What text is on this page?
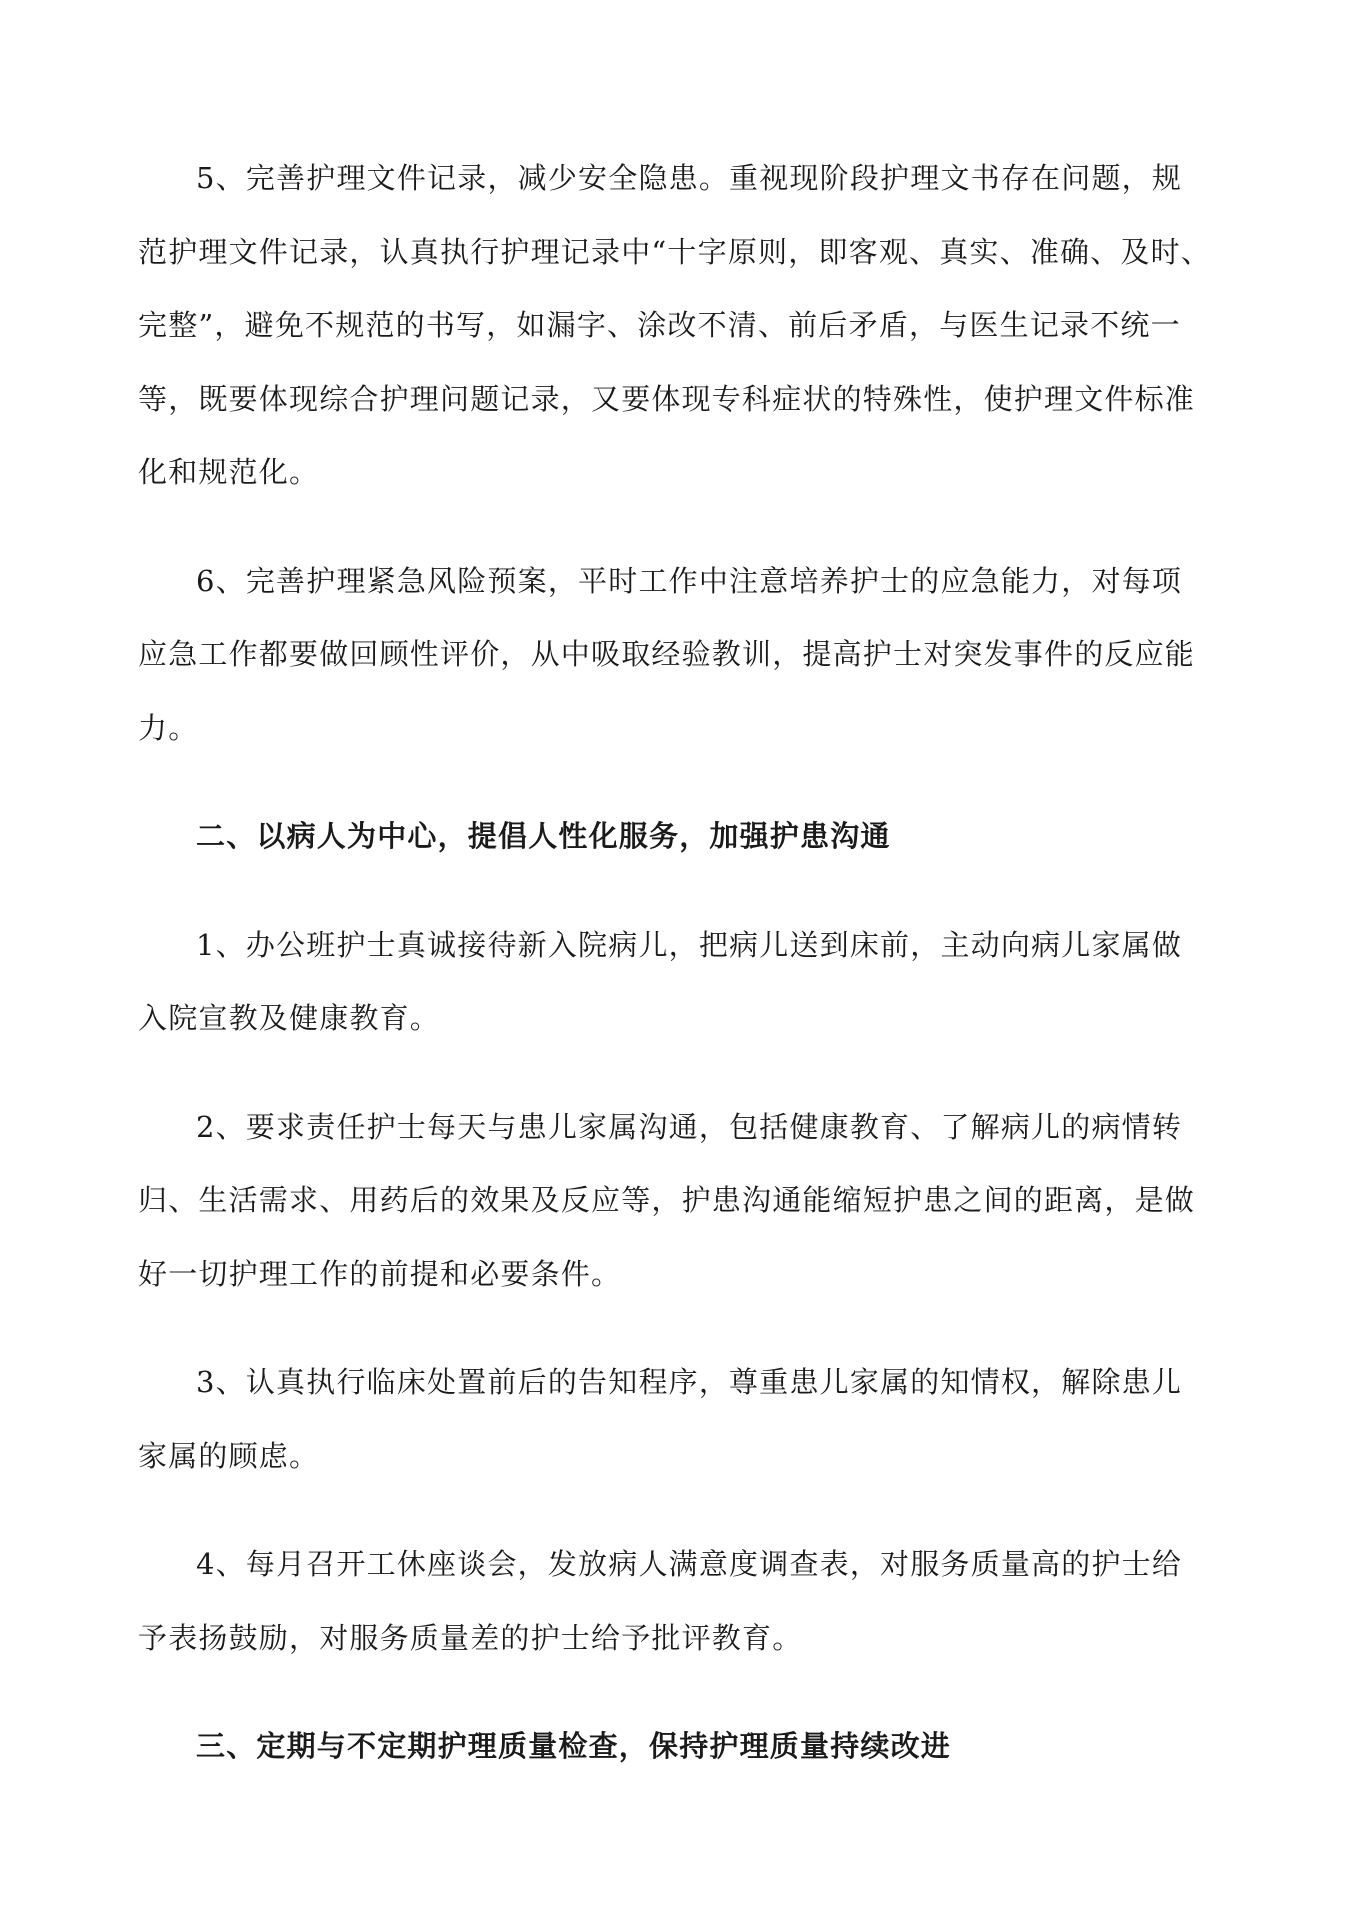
5、完善护理文件记录，减少安全隐患。重视现阶段护理文书存在问题，规
范护理文件记录，认真执行护理记录中“十字原则，即客观、真实、准确、及时、
完整”，避免不规范的书写，如漏字、涂改不清、前后矛盾，与医生记录不统一
等，既要体现综合护理问题记录，又要体现专科症状的特殊性，使护理文件标准
化和规范化。

6、完善护理紧急风险预案，平时工作中注意培养护士的应急能力，对每项
应急工作都要做回顾性评价，从中吸取经验教训，提高护士对突发事件的反应能
力。

二、以病人为中心，提倡人性化服务，加强护患沟通

1、办公班护士真诚接待新入院病儿，把病儿送到床前，主动向病儿家属做
入院宣教及健康教育。

2、要求责任护士每天与患儿家属沟通，包括健康教育、了解病儿的病情转
归、生活需求、用药后的效果及反应等，护患沟通能缩短护患之间的距离，是做
好一切护理工作的前提和必要条件。

3、认真执行临床处置前后的告知程序，尊重患儿家属的知情权，解除患儿
家属的顾虑。

4、每月召开工休座谈会，发放病人满意度调查表，对服务质量高的护士给
予表扬鼓励，对服务质量差的护士给予批评教育。

三、定期与不定期护理质量检查，保持护理质量持续改进
